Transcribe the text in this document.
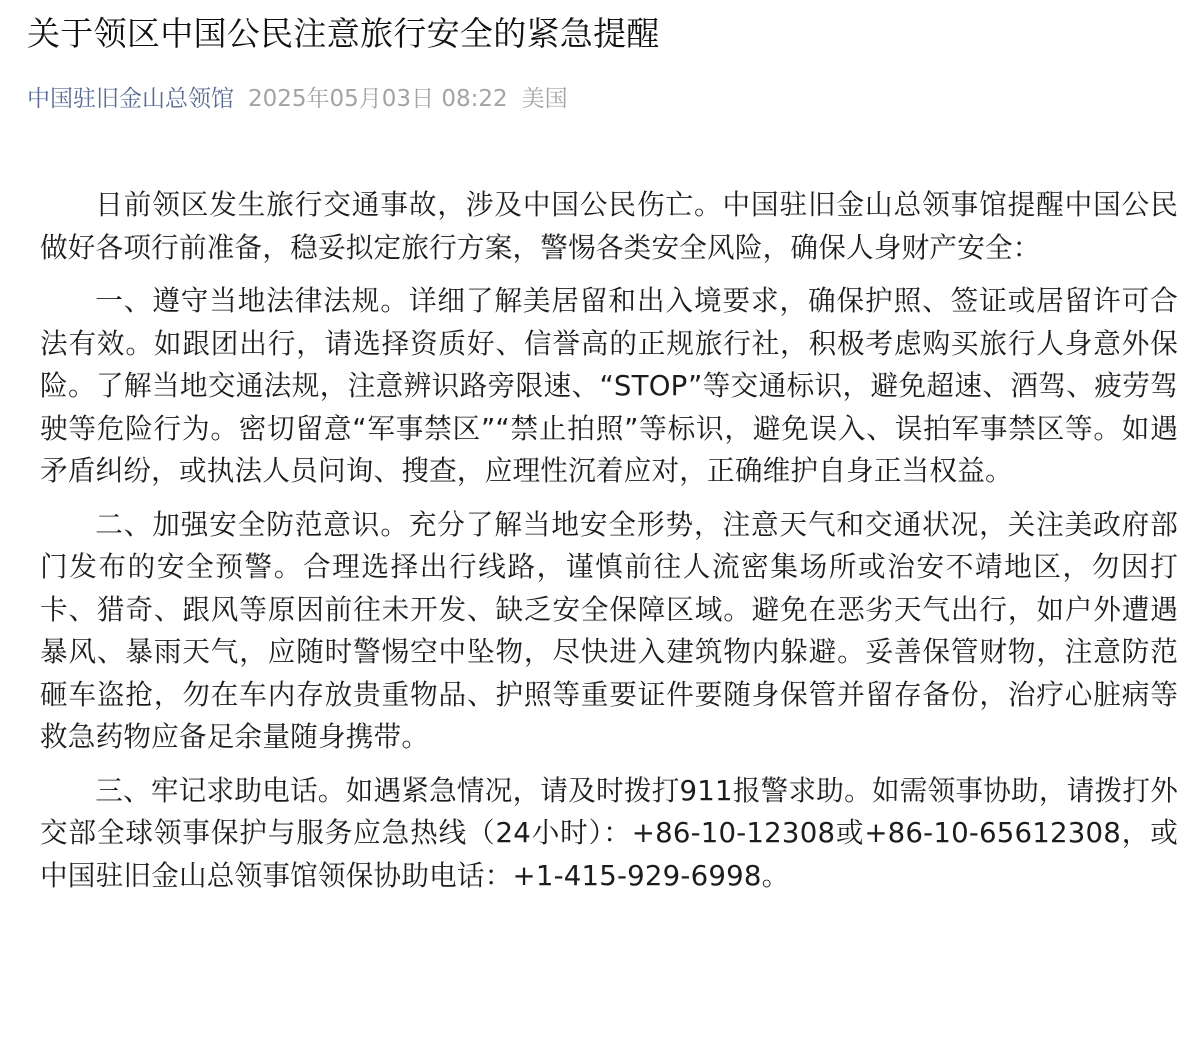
关于领区中国公民注意旅行安全的紧急提醒
中国驻旧金山总领馆 2025年05月03日 08:22 美国

日前领区发生旅行交通事故，涉及中国公民伤亡。中国驻旧金山总领事馆提醒中国公民做好各项行前准备，稳妥拟定旅行方案，警惕各类安全风险，确保人身财产安全：

一、遵守当地法律法规。详细了解美居留和出入境要求，确保护照、签证或居留许可合法有效。如跟团出行，请选择资质好、信誉高的正规旅行社，积极考虑购买旅行人身意外保险。了解当地交通法规，注意辨识路旁限速、“STOP”等交通标识，避免超速、酒驾、疲劳驾驶等危险行为。密切留意“军事禁区”“禁止拍照”等标识，避免误入、误拍军事禁区等。如遇矛盾纠纷，或执法人员问询、搜查，应理性沉着应对，正确维护自身正当权益。

二、加强安全防范意识。充分了解当地安全形势，注意天气和交通状况，关注美政府部门发布的安全预警。合理选择出行线路，谨慎前往人流密集场所或治安不靖地区，勿因打卡、猎奇、跟风等原因前往未开发、缺乏安全保障区域。避免在恶劣天气出行，如户外遭遇暴风、暴雨天气，应随时警惕空中坠物，尽快进入建筑物内躲避。妥善保管财物，注意防范砸车盗抢，勿在车内存放贵重物品、护照等重要证件要随身保管并留存备份，治疗心脏病等救急药物应备足余量随身携带。

三、牢记求助电话。如遇紧急情况，请及时拨打911报警求助。如需领事协助，请拨打外交部全球领事保护与服务应急热线（24小时）：+86-10-12308或+86-10-65612308，或中国驻旧金山总领事馆领保协助电话：+1-415-929-6998。
